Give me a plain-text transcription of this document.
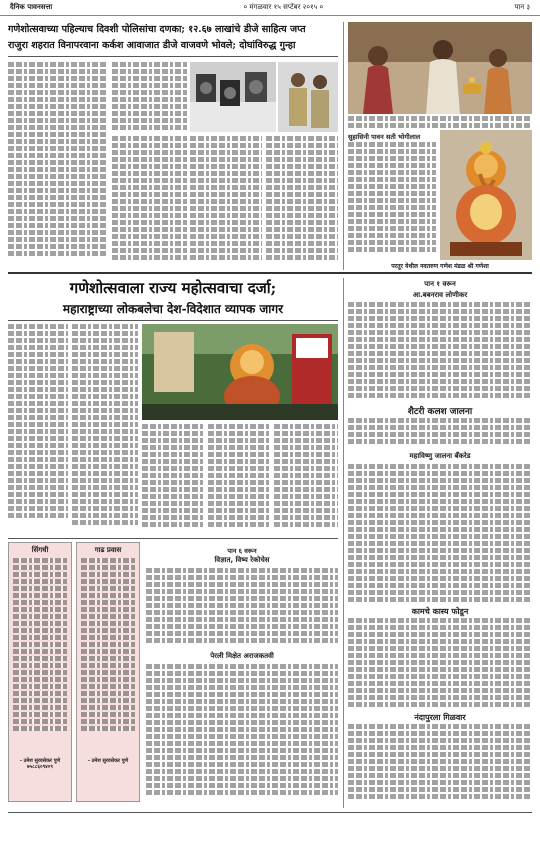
दैनिक पावनसत्ता	० मंगळवार १५ सप्टेंबर २०१५ ०	पान ३
गणेशोत्सवाच्या पहिल्याच दिवशी पोलिसांचा दणका; १२.६७ लाखांचे डीजे साहित्य जप्त
राजुरा शहरात विनापरवाना कर्कश आवाजात डीजे वाजवणे भोवले; दोघांविरुद्ध गुन्हा
सुहासिनी पावन सती भोगीलाल
परतूर येथील नवतरुण गणेश मंडळ श्री गणेशा
गणेशोत्सवाला राज्य महोत्सवाचा दर्जा;
महाराष्ट्राच्या लोकबलेचा देश-विदेशात व्यापक जागर
सिंगधी
- उमेश सुरवसेकर पुणे ७५८८६०९४०९
गाढ प्रवास
- उमेश सुरवसेकर पुणे
पान ६ वरून
विज्ञात, विष्य रेकोचेस
पेरली मिक्षेत अराजकतवी
पान १ वरून
आ.बबनराव लोणीकर
शैटरी कलश जालना
महाविष्णु जालना बॅंकरेड
कामचे कास्य फोडून
नंदापुरला गिळवार
